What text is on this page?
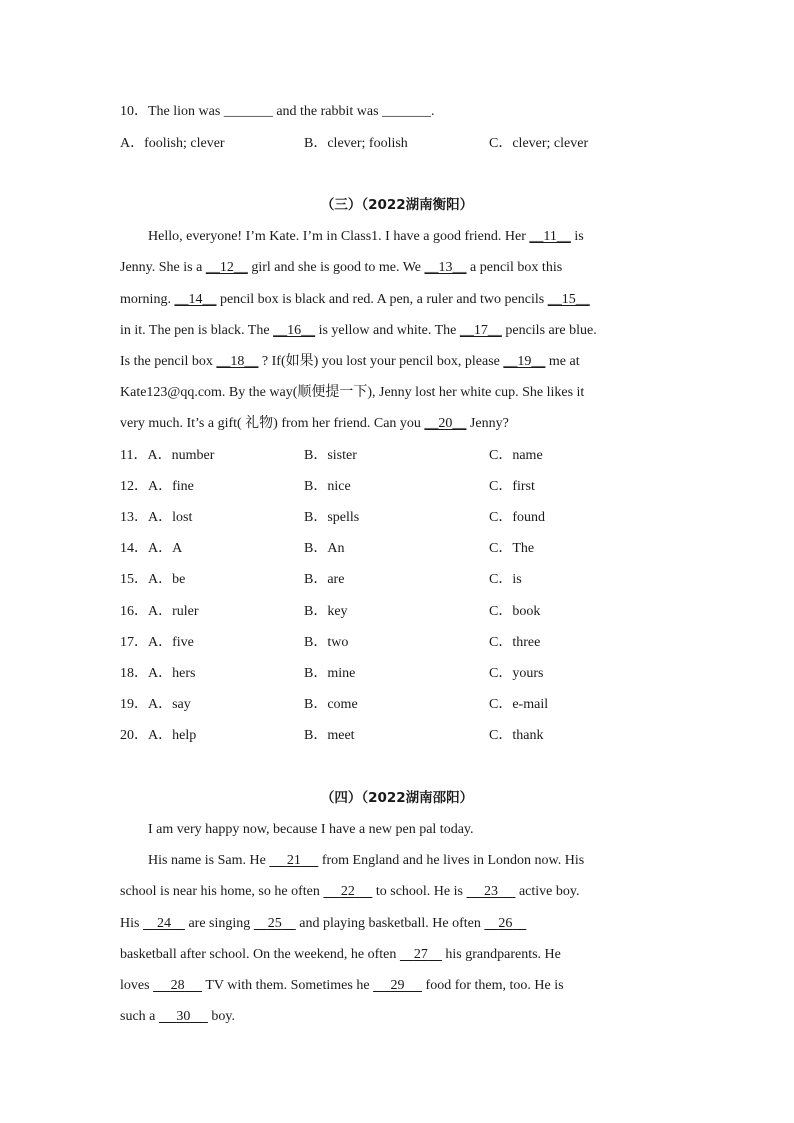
10．The lion was _______ and the rabbit was _______.
A．foolish; clever	B．clever; foolish	C．clever; clever
（三）（2022湖南衡阳）
Hello, everyone! I’m Kate. I’m in Class1. I have a good friend. Her __11__ is
Jenny. She is a __12__ girl and she is good to me. We __13__ a pencil box this
morning. __14__ pencil box is black and red. A pen, a ruler and two pencils __15__
in it. The pen is black. The __16__ is yellow and white. The __17__ pencils are blue.
Is the pencil box __18__ ? If(如果) you lost your pencil box, please __19__ me at
Kate123@qq.com. By the way(顺便提一下), Jenny lost her white cup. She likes it
very much. It’s a gift( 礼物) from her friend. Can you __20__ Jenny?
11．A．number	B．sister	C．name
12．A．fine	B．nice	C．first
13．A．lost	B．spells	C．found
14．A．A	B．An	C．The
15．A．be	B．are	C．is
16．A．ruler	B．key	C．book
17．A．five	B．two	C．three
18．A．hers	B．mine	C．yours
19．A．say	B．come	C．e-mail
20．A．help	B．meet	C．thank
（四）（2022湖南邵阳）
I am very happy now, because I have a new pen pal today.
His name is Sam. He 21 from England and he lives in London now. His
school is near his home, so he often 22 to school. He is 23 active boy.
His 24 are singing 25 and playing basketball. He often 26
basketball after school. On the weekend, he often 27 his grandparents. He
loves 28 TV with them. Sometimes he 29 food for them, too. He is
such a 30 boy.
